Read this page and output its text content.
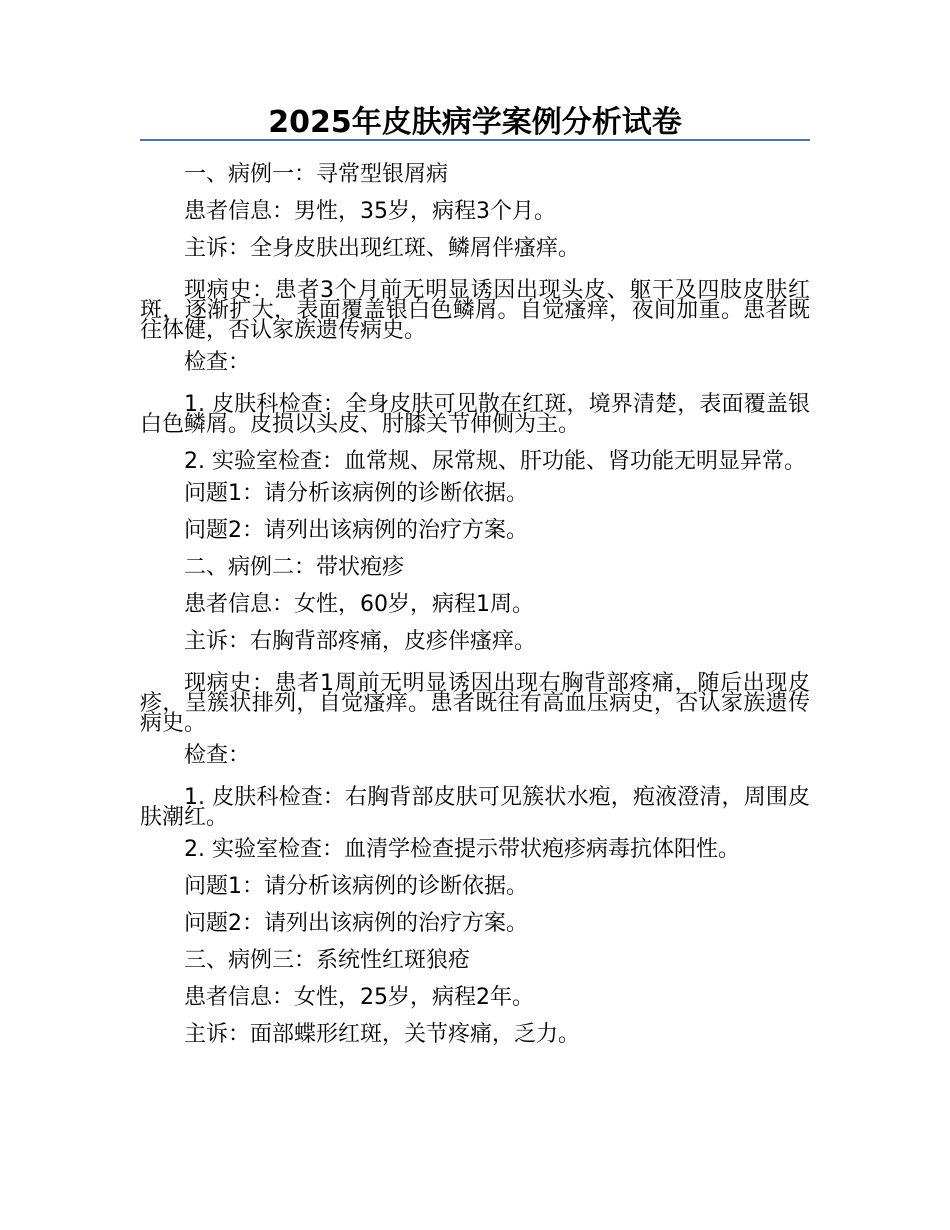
2025年皮肤病学案例分析试卷
一、病例一：寻常型银屑病
患者信息：男性，35岁，病程3个月。
主诉：全身皮肤出现红斑、鳞屑伴瘙痒。
现病史：患者3个月前无明显诱因出现头皮、躯干及四肢皮肤红斑，逐渐扩大，表面覆盖银白色鳞屑。自觉瘙痒，夜间加重。患者既往体健，否认家族遗传病史。
检查：
1. 皮肤科检查：全身皮肤可见散在红斑，境界清楚，表面覆盖银白色鳞屑。皮损以头皮、肘膝关节伸侧为主。
2. 实验室检查：血常规、尿常规、肝功能、肾功能无明显异常。
问题1：请分析该病例的诊断依据。
问题2：请列出该病例的治疗方案。
二、病例二：带状疱疹
患者信息：女性，60岁，病程1周。
主诉：右胸背部疼痛，皮疹伴瘙痒。
现病史：患者1周前无明显诱因出现右胸背部疼痛，随后出现皮疹，呈簇状排列，自觉瘙痒。患者既往有高血压病史，否认家族遗传病史。
检查：
1. 皮肤科检查：右胸背部皮肤可见簇状水疱，疱液澄清，周围皮肤潮红。
2. 实验室检查：血清学检查提示带状疱疹病毒抗体阳性。
问题1：请分析该病例的诊断依据。
问题2：请列出该病例的治疗方案。
三、病例三：系统性红斑狼疮
患者信息：女性，25岁，病程2年。
主诉：面部蝶形红斑，关节疼痛，乏力。
